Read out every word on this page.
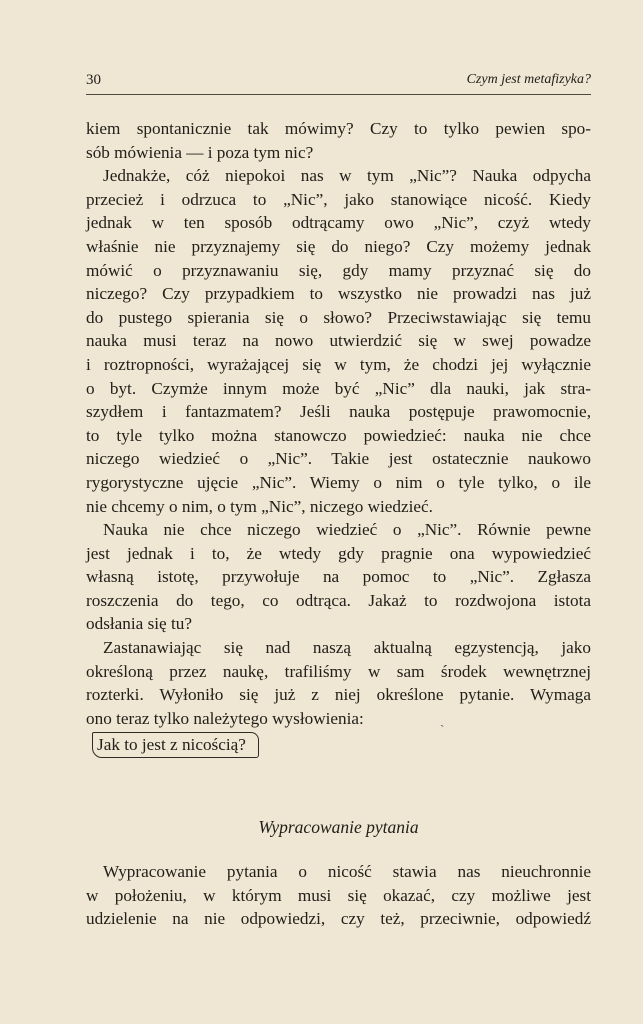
30	Czym jest metafizyka?
kiem spontanicznie tak mówimy? Czy to tylko pewien spo-
sób mówienia — i poza tym nic?
Jednakże, cóż niepokoi nas w tym „Nic”? Nauka odpycha
przecież i odrzuca to „Nic”, jako stanowiące nicość. Kiedy
jednak w ten sposób odtrącamy owo „Nic”, czyż wtedy
właśnie nie przyznajemy się do niego? Czy możemy jednak
mówić o przyznawaniu się, gdy mamy przyznać się do
niczego? Czy przypadkiem to wszystko nie prowadzi nas już
do pustego spierania się o słowo? Przeciwstawiając się temu
nauka musi teraz na nowo utwierdzić się w swej powadze
i roztropności, wyrażającej się w tym, że chodzi jej wyłącznie
o byt. Czymże innym może być „Nic” dla nauki, jak stra-
szydłem i fantazmatem? Jeśli nauka postępuje prawomocnie,
to tyle tylko można stanowczo powiedzieć: nauka nie chce
niczego wiedzieć o „Nic”. Takie jest ostatecznie naukowo
rygorystyczne ujęcie „Nic”. Wiemy o nim o tyle tylko, o ile
nie chcemy o nim, o tym „Nic”, niczego wiedzieć.
Nauka nie chce niczego wiedzieć o „Nic”. Równie pewne
jest jednak i to, że wtedy gdy pragnie ona wypowiedzieć
własną istotę, przywołuje na pomoc to „Nic”. Zgłasza
roszczenia do tego, co odtrąca. Jakaż to rozdwojona istota
odsłania się tu?
Zastanawiając się nad naszą aktualną egzystencją, jako
określoną przez naukę, trafiliśmy w sam środek wewnętrznej
rozterki. Wyłoniło się już z niej określone pytanie. Wymaga
ono teraz tylko należytego wysłowienia:
Jak to jest z nicością?
Wypracowanie pytania
Wypracowanie pytania o nicość stawia nas nieuchronnie
w położeniu, w którym musi się okazać, czy możliwe jest
udzielenie na nie odpowiedzi, czy też, przeciwnie, odpowiedź
ˋ
